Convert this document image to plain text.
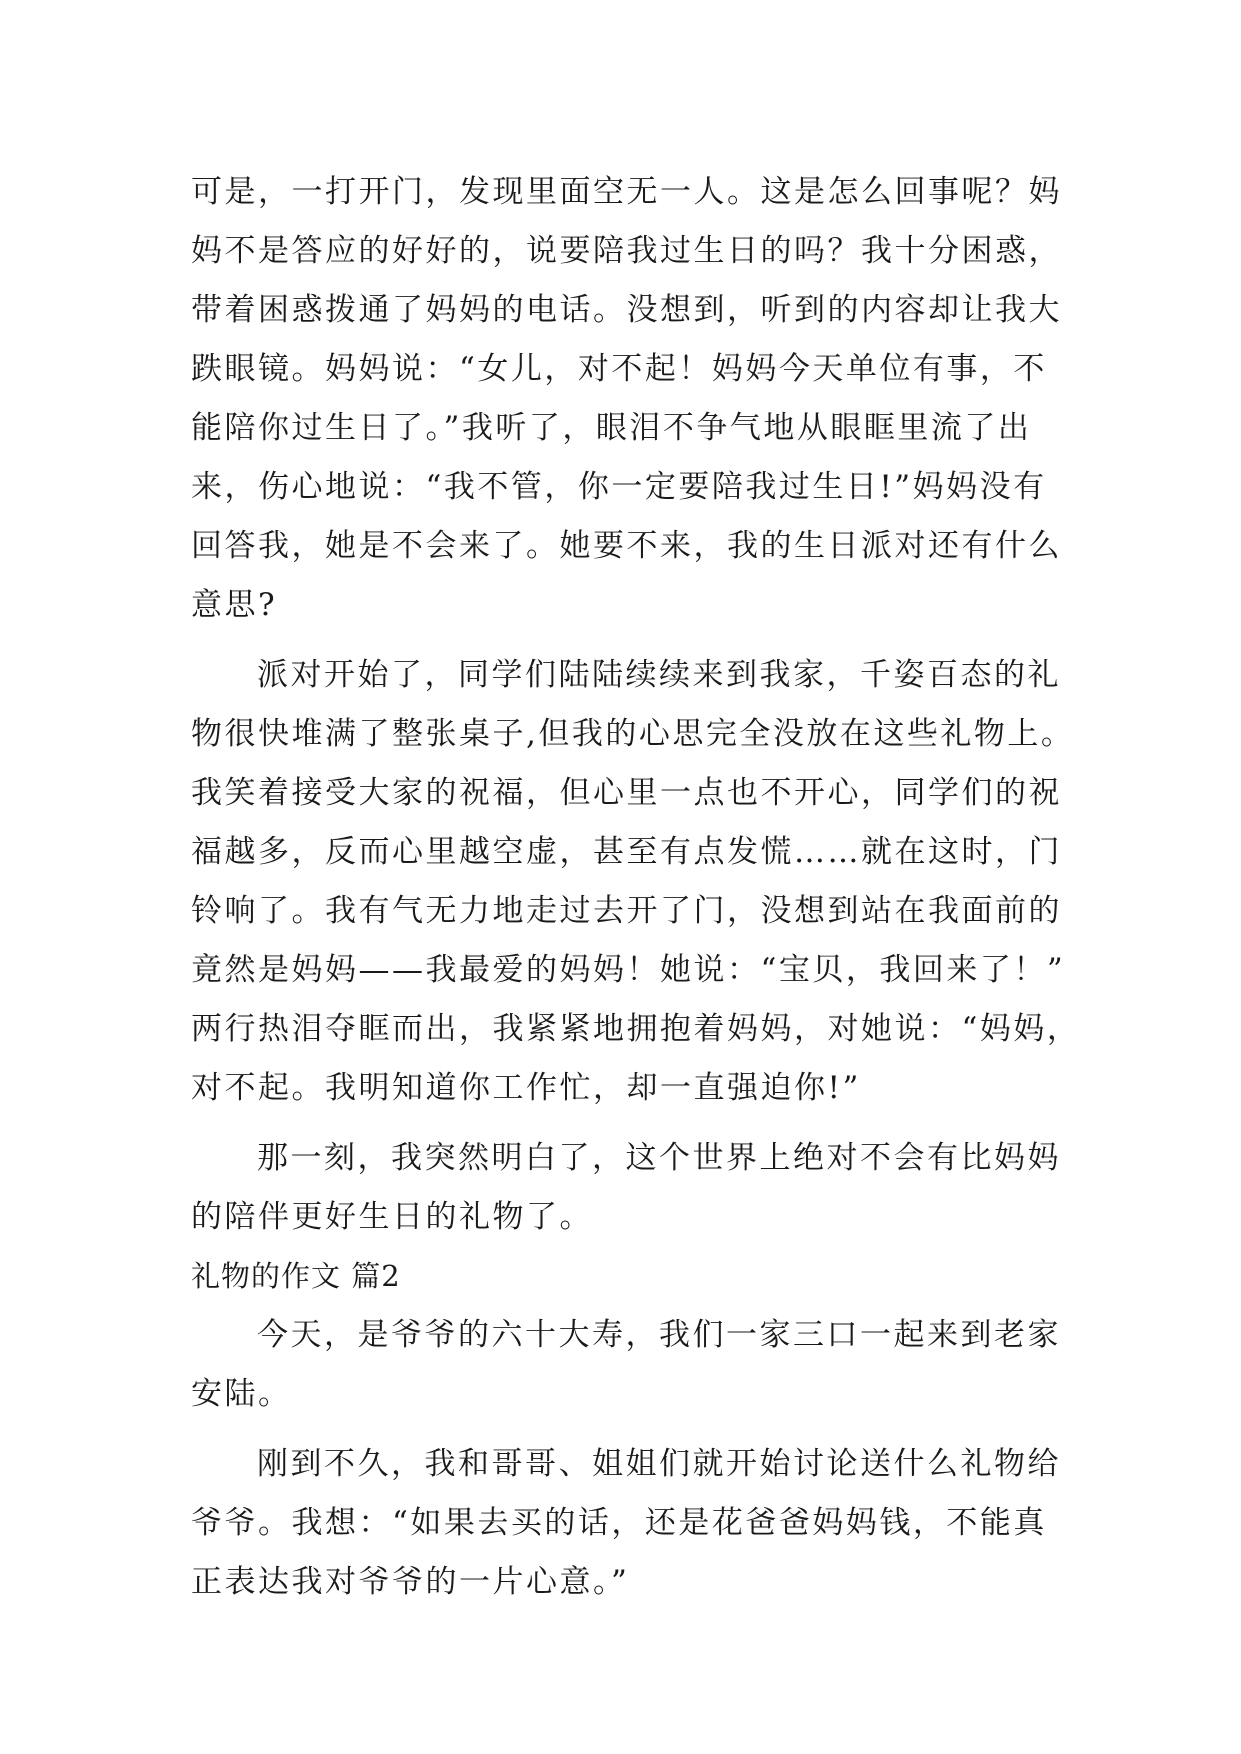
可是，一打开门，发现里面空无一人。这是怎么回事呢？妈
妈不是答应的好好的，说要陪我过生日的吗？我十分困惑，
带着困惑拨通了妈妈的电话。没想到，听到的内容却让我大
跌眼镜。妈妈说：“女儿，对不起！妈妈今天单位有事，不
能陪你过生日了。”我听了，眼泪不争气地从眼眶里流了出
来，伤心地说：“我不管，你一定要陪我过生日!”妈妈没有
回答我，她是不会来了。她要不来，我的生日派对还有什么
意思?
派对开始了，同学们陆陆续续来到我家，千姿百态的礼
物很快堆满了整张桌子,但我的心思完全没放在这些礼物上。
我笑着接受大家的祝福，但心里一点也不开心，同学们的祝
福越多，反而心里越空虚，甚至有点发慌……就在这时，门
铃响了。我有气无力地走过去开了门，没想到站在我面前的
竟然是妈妈——我最爱的妈妈！她说：“宝贝，我回来了！”
两行热泪夺眶而出，我紧紧地拥抱着妈妈，对她说：“妈妈，
对不起。我明知道你工作忙，却一直强迫你!”
那一刻，我突然明白了，这个世界上绝对不会有比妈妈
的陪伴更好生日的礼物了。
礼物的作文 篇2
今天，是爷爷的六十大寿，我们一家三口一起来到老家
安陆。
刚到不久，我和哥哥、姐姐们就开始讨论送什么礼物给
爷爷。我想：“如果去买的话，还是花爸爸妈妈钱，不能真
正表达我对爷爷的一片心意。”
